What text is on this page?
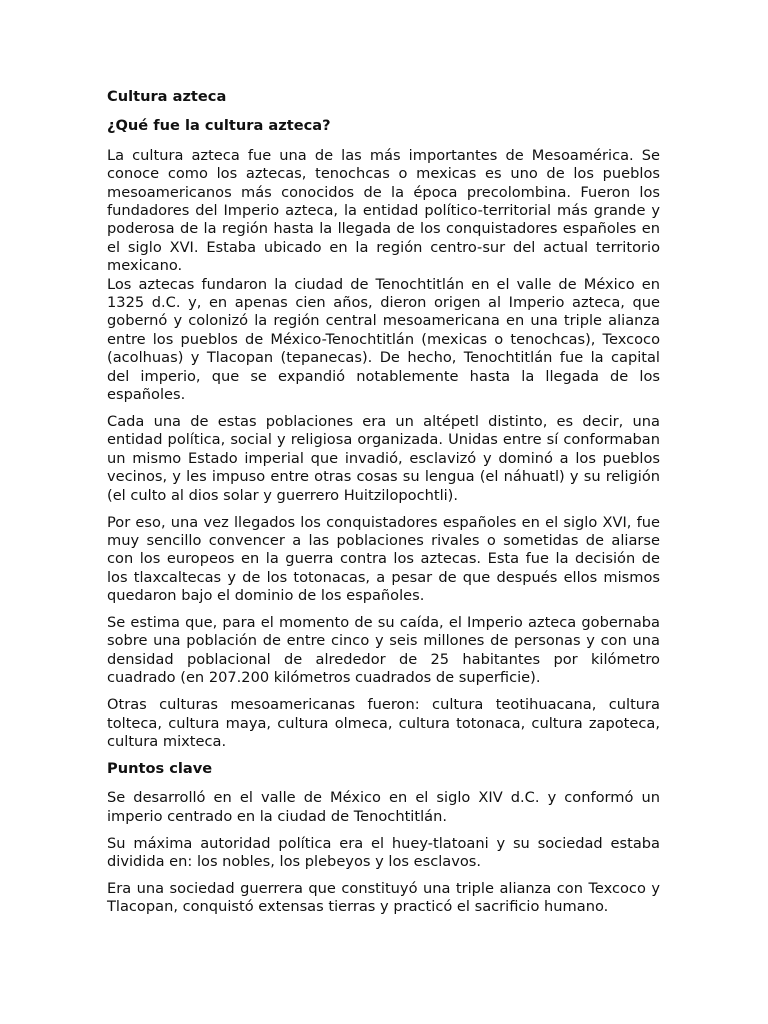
Cultura azteca

¿Qué fue la cultura azteca?

La cultura azteca fue una de las más importantes de Mesoamérica. Se conoce como los aztecas, tenochcas o mexicas es uno de los pueblos mesoamericanos más conocidos de la época precolombina. Fueron los fundadores del Imperio azteca, la entidad político-territorial más grande y poderosa de la región hasta la llegada de los conquistadores españoles en el siglo XVI. Estaba ubicado en la región centro-sur del actual territorio mexicano.

Los aztecas fundaron la ciudad de Tenochtitlán en el valle de México en 1325 d.C. y, en apenas cien años, dieron origen al Imperio azteca, que gobernó y colonizó la región central mesoamericana en una triple alianza entre los pueblos de México-Tenochtitlán (mexicas o tenochcas), Texcoco (acolhuas) y Tlacopan (tepanecas). De hecho, Tenochtitlán fue la capital del imperio, que se expandió notablemente hasta la llegada de los españoles.

Cada una de estas poblaciones era un altépetl distinto, es decir, una entidad política, social y religiosa organizada. Unidas entre sí conformaban un mismo Estado imperial que invadió, esclavizó y dominó a los pueblos vecinos, y les impuso entre otras cosas su lengua (el náhuatl) y su religión (el culto al dios solar y guerrero Huitzilopochtli).

Por eso, una vez llegados los conquistadores españoles en el siglo XVI, fue muy sencillo convencer a las poblaciones rivales o sometidas de aliarse con los europeos en la guerra contra los aztecas. Esta fue la decisión de los tlaxcaltecas y de los totonacas, a pesar de que después ellos mismos quedaron bajo el dominio de los españoles.

Se estima que, para el momento de su caída, el Imperio azteca gobernaba sobre una población de entre cinco y seis millones de personas y con una densidad poblacional de alrededor de 25 habitantes por kilómetro cuadrado (en 207.200 kilómetros cuadrados de superficie).

Otras culturas mesoamericanas fueron: cultura teotihuacana, cultura tolteca, cultura maya, cultura olmeca, cultura totonaca, cultura zapoteca, cultura mixteca.

Puntos clave

Se desarrolló en el valle de México en el siglo XIV d.C. y conformó un imperio centrado en la ciudad de Tenochtitlán.

Su máxima autoridad política era el huey-tlatoani y su sociedad estaba dividida en: los nobles, los plebeyos y los esclavos.

Era una sociedad guerrera que constituyó una triple alianza con Texcoco y Tlacopan, conquistó extensas tierras y practicó el sacrificio humano.
